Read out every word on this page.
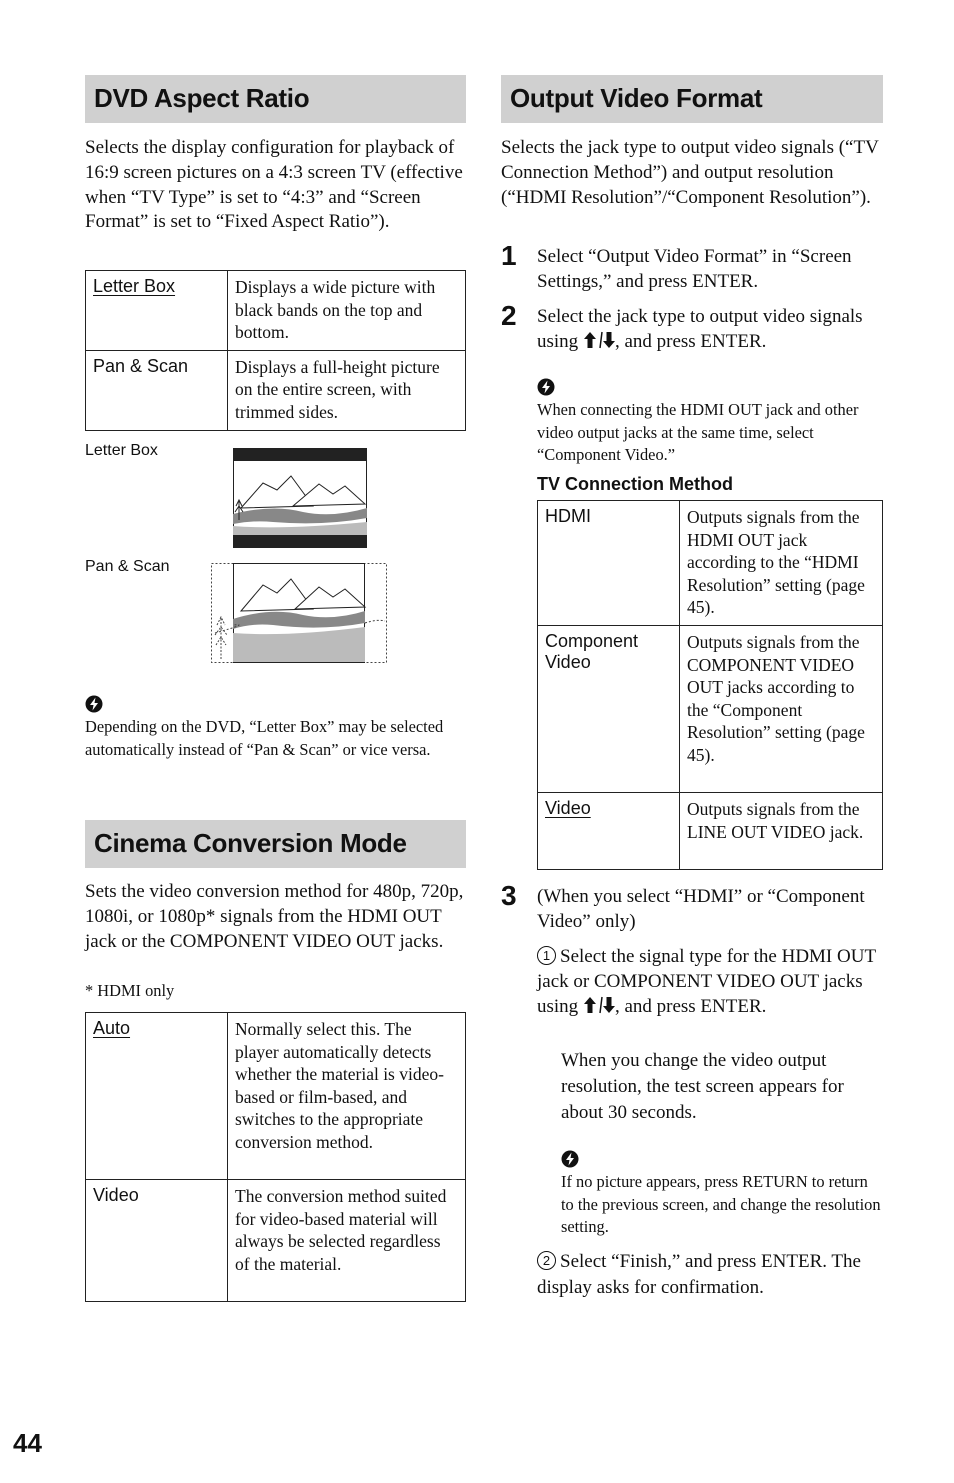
DVD Aspect Ratio
Selects the display configuration for playback of 16:9 screen pictures on a 4:3 screen TV (effective when “TV Type” is set to “4:3” and “Screen Format” is set to “Fixed Aspect Ratio”).
Letter Box	Displays a wide picture with black bands on the top and bottom.
Pan & Scan	Displays a full-height picture on the entire screen, with trimmed sides.
Letter Box
Pan & Scan
Depending on the DVD, “Letter Box” may be selected automatically instead of “Pan & Scan” or vice versa.
Cinema Conversion Mode
Sets the video conversion method for 480p, 720p, 1080i, or 1080p* signals from the HDMI OUT jack or the COMPONENT VIDEO OUT jacks.
* HDMI only
Auto	Normally select this. The player automatically detects whether the material is video-based or film-based, and switches to the appropriate conversion method.
Video	The conversion method suited for video-based material will always be selected regardless of the material.
Output Video Format
Selects the jack type to output video signals (“TV Connection Method”) and output resolution (“HDMI Resolution”/“Component Resolution”).
1 Select “Output Video Format” in “Screen Settings,” and press ENTER.
2 Select the jack type to output video signals using , and press ENTER.
When connecting the HDMI OUT jack and other video output jacks at the same time, select “Component Video.”
TV Connection Method
HDMI	Outputs signals from the HDMI OUT jack according to the “HDMI Resolution” setting (page 45).
Component Video	Outputs signals from the COMPONENT VIDEO OUT jacks according to the “Component Resolution” setting (page 45).
Video	Outputs signals from the LINE OUT VIDEO jack.
3 (When you select “HDMI” or “Component Video” only)
1 Select the signal type for the HDMI OUT jack or COMPONENT VIDEO OUT jacks using , and press ENTER.
When you change the video output resolution, the test screen appears for about 30 seconds.
If no picture appears, press RETURN to return to the previous screen, and change the resolution setting.
2 Select “Finish,” and press ENTER. The display asks for confirmation.
44
